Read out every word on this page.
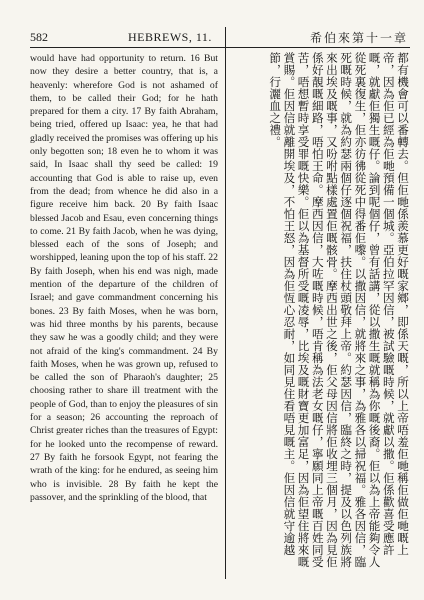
582	HEBREWS, 11.	希伯來第十一章

would have had opportunity to return. 16 But now they desire a better country, that is, a heavenly: wherefore God is not ashamed of them, to be called their God; for he hath prepared for them a city. 17 By faith Abraham, being tried, offered up Isaac: yea, he that had gladly received the promises was offering up his only begotten son; 18 even he to whom it was said, In Isaac shall thy seed be called: 19 accounting that God is able to raise up, even from the dead; from whence he did also in a figure receive him back. 20 By faith Isaac blessed Jacob and Esau, even concerning things to come. 21 By faith Jacob, when he was dying, blessed each of the sons of Joseph; and worshipped, leaning upon the top of his staff. 22 By faith Joseph, when his end was nigh, made mention of the departure of the children of Israel; and gave commandment concerning his bones. 23 By faith Moses, when he was born, was hid three months by his parents, because they saw he was a goodly child; and they were not afraid of the king's commandment. 24 By faith Moses, when he was grown up, refused to be called the son of Pharaoh's daughter; 25 choosing rather to share ill treatment with the people of God, than to enjoy the pleasures of sin for a season; 26 accounting the reproach of Christ greater riches than the treasures of Egypt: for he looked unto the recompense of reward. 27 By faith he forsook Egypt, not fearing the wrath of the king: for he endured, as seeing him who is invisible. 28 By faith he kept the passover, and the sprinkling of the blood, that	都有機會可以番轉去。但佢哋係羨慕更好嘅家鄉，即係天嘅，所以上帝唔羞佢哋稱佢做佢哋嘅上帝，因為佢已經為佢哋預備一個城。亞伯拉罕因信，被試驗嘅時候，就獻以撒。佢係歡喜受應許嘅，就獻佢獨生嘅仔。論到呢個仔，曾有話講，從以撒生嘅就稱為你嘅後裔。佢以為上帝能夠令人從死裏復生，佢亦彷彿從死中得番佢嚟。以撒因信，就將來之事，為雅各以掃祝福。雅各因信，臨死嘅時候，就為約瑟兩個仔逐個祝福，扶住杖頭敬拜上帝。約瑟因信，臨終之時，提及以色列族將來出埃及嘅事，又吩咐點樣處置佢嘅骸骨。摩西出世之後，佢父母因信將佢收埋三個月，因為見佢係好靚嘅細路，唔怕王命。摩西因信，大咗嘅時候，唔肯稱為法老女嘅仔，寧願同上帝嘅百姓同受苦，唔想暫時享受罪嘅快樂。佢以為基督所受嘅凌辱，比埃及嘅財寶更加富足，因為佢望住將來嘅賞賜。佢因信就離開埃及，不怕王怒，因為佢恆心忍耐，如同見住看唔見嘅主。佢因信就守逾越節，行灑血之禮。
